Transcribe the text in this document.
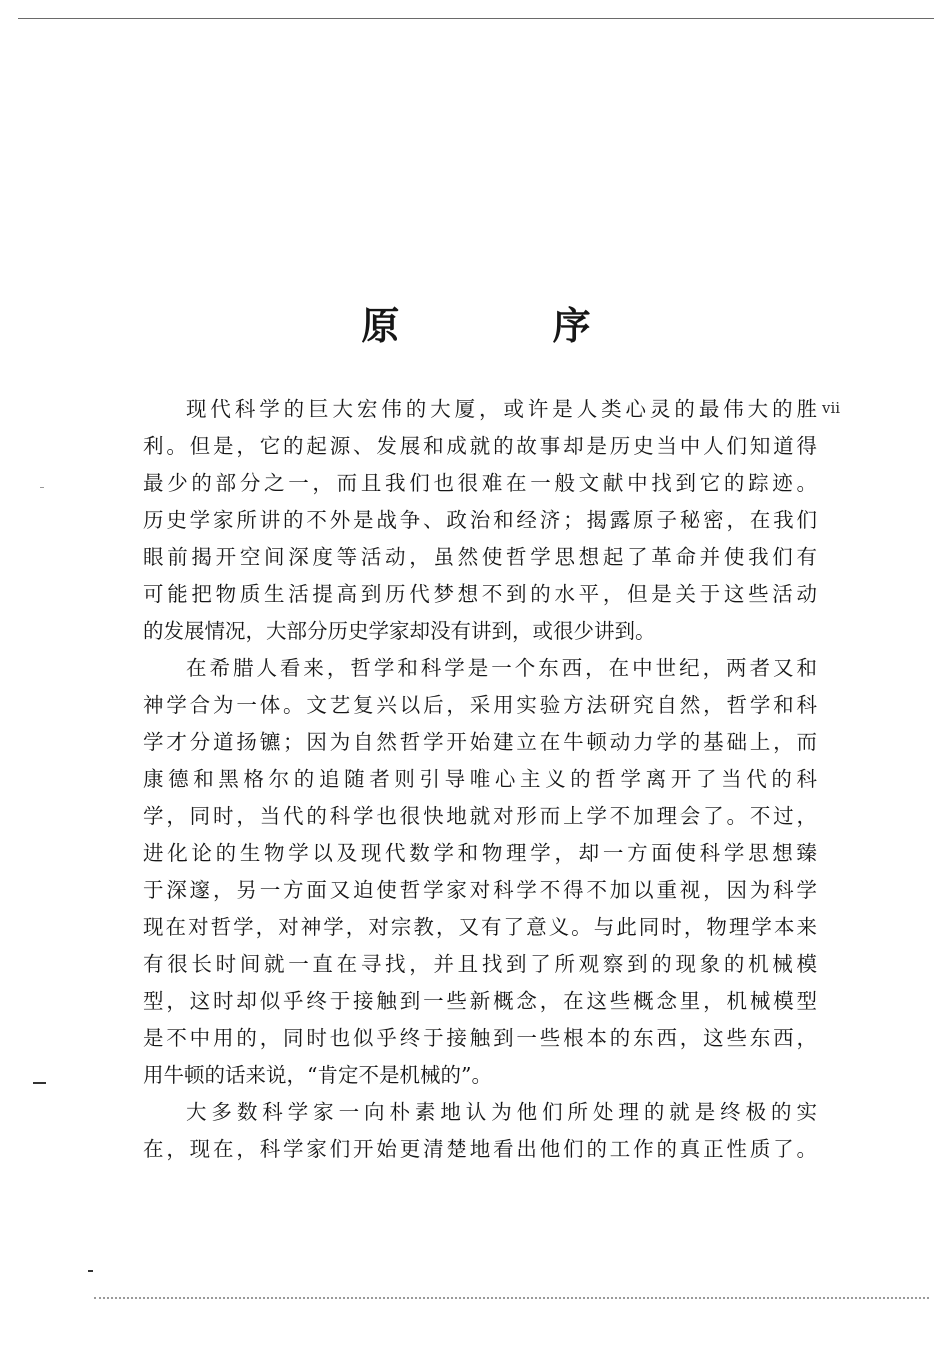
原 序
vii
现代科学的巨大宏伟的大厦，或许是人类心灵的最伟大的胜
利。但是，它的起源、发展和成就的故事却是历史当中人们知道得
最少的部分之一，而且我们也很难在一般文献中找到它的踪迹。
历史学家所讲的不外是战争、政治和经济；揭露原子秘密，在我们
眼前揭开空间深度等活动，虽然使哲学思想起了革命并使我们有
可能把物质生活提高到历代梦想不到的水平，但是关于这些活动
的发展情况，大部分历史学家却没有讲到，或很少讲到。
在希腊人看来，哲学和科学是一个东西，在中世纪，两者又和
神学合为一体。文艺复兴以后，采用实验方法研究自然，哲学和科
学才分道扬镳；因为自然哲学开始建立在牛顿动力学的基础上，而
康德和黑格尔的追随者则引导唯心主义的哲学离开了当代的科
学，同时，当代的科学也很快地就对形而上学不加理会了。不过，
进化论的生物学以及现代数学和物理学，却一方面使科学思想臻
于深邃，另一方面又迫使哲学家对科学不得不加以重视，因为科学
现在对哲学，对神学，对宗教，又有了意义。与此同时，物理学本来
有很长时间就一直在寻找，并且找到了所观察到的现象的机械模
型，这时却似乎终于接触到一些新概念，在这些概念里，机械模型
是不中用的，同时也似乎终于接触到一些根本的东西，这些东西，
用牛顿的话来说，“肯定不是机械的”。
大多数科学家一向朴素地认为他们所处理的就是终极的实
在，现在，科学家们开始更清楚地看出他们的工作的真正性质了。
